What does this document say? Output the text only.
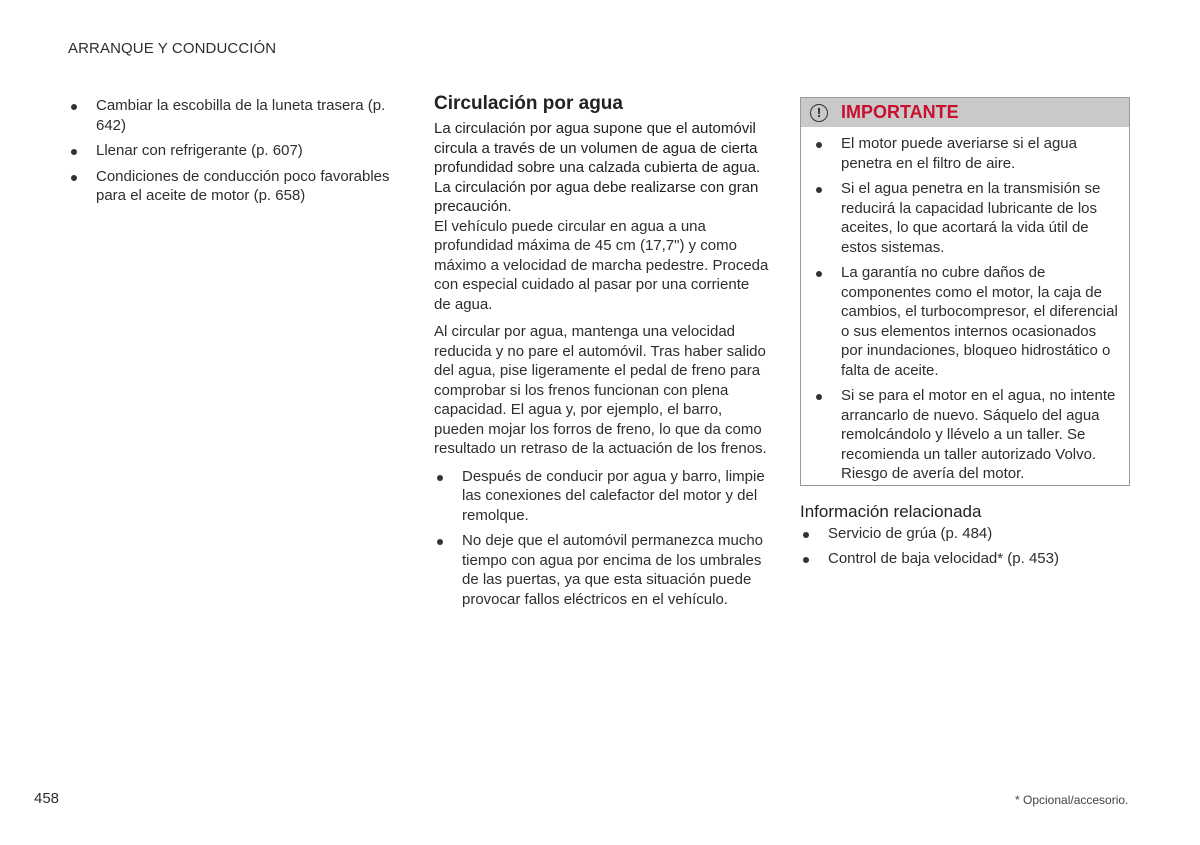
ARRANQUE Y CONDUCCIÓN
Cambiar la escobilla de la luneta trasera (p. 642)
Llenar con refrigerante (p. 607)
Condiciones de conducción poco favorables para el aceite de motor (p. 658)
Circulación por agua

La circulación por agua supone que el automóvil circula a través de un volumen de agua de cierta profundidad sobre una calzada cubierta de agua. La circulación por agua debe realizarse con gran precaución.

El vehículo puede circular en agua a una profundidad máxima de 45 cm (17,7") y como máximo a velocidad de marcha pedestre. Proceda con especial cuidado al pasar por una corriente de agua.

Al circular por agua, mantenga una velocidad reducida y no pare el automóvil. Tras haber salido del agua, pise ligeramente el pedal de freno para comprobar si los frenos funcionan con plena capacidad. El agua y, por ejemplo, el barro, pueden mojar los forros de freno, lo que da como resultado un retraso de la actuación de los frenos.

Después de conducir por agua y barro, limpie las conexiones del calefactor del motor y del remolque.
No deje que el automóvil permanezca mucho tiempo con agua por encima de los umbrales de las puertas, ya que esta situación puede provocar fallos eléctricos en el vehículo.
!	IMPORTANTE
El motor puede averiarse si el agua penetra en el filtro de aire.
Si el agua penetra en la transmisión se reducirá la capacidad lubricante de los aceites, lo que acortará la vida útil de estos sistemas.
La garantía no cubre daños de componentes como el motor, la caja de cambios, el turbocompresor, el diferencial o sus elementos internos ocasionados por inundaciones, bloqueo hidrostático o falta de aceite.
Si se para el motor en el agua, no intente arrancarlo de nuevo. Sáquelo del agua remolcándolo y llévelo a un taller. Se recomienda un taller autorizado Volvo. Riesgo de avería del motor.
Información relacionada
Servicio de grúa (p. 484)
Control de baja velocidad* (p. 453)
458	* Opcional/accesorio.
